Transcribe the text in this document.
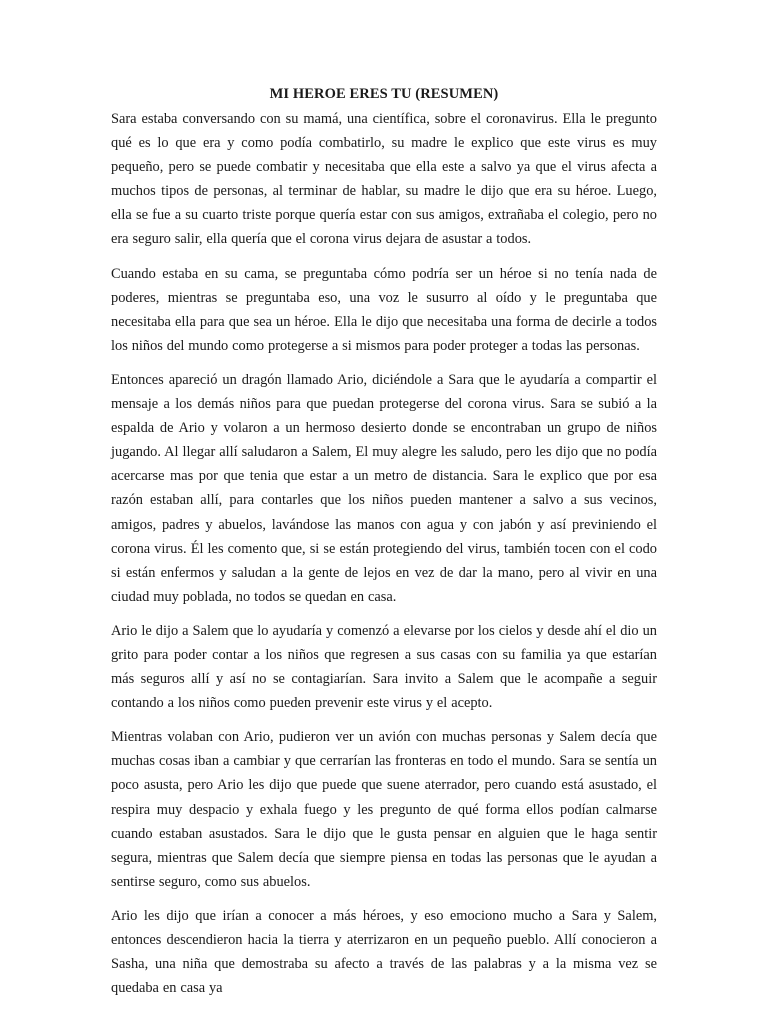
MI HEROE ERES TU (RESUMEN)

Sara estaba conversando con su mamá, una científica, sobre el coronavirus. Ella le pregunto qué es lo que era y como podía combatirlo, su madre le explico que este virus es muy pequeño, pero se puede combatir y necesitaba que ella este a salvo ya que el virus afecta a muchos tipos de personas, al terminar de hablar, su madre le dijo que era su héroe. Luego, ella se fue a su cuarto triste porque quería estar con sus amigos, extrañaba el colegio, pero no era seguro salir, ella quería que el corona virus dejara de asustar a todos.

Cuando estaba en su cama, se preguntaba cómo podría ser un héroe si no tenía nada de poderes, mientras se preguntaba eso, una voz le susurro al oído y le preguntaba que necesitaba ella para que sea un héroe. Ella le dijo que necesitaba una forma de decirle a todos los niños del mundo como protegerse a si mismos para poder proteger a todas las personas.

Entonces apareció un dragón llamado Ario, diciéndole a Sara que le ayudaría a compartir el mensaje a los demás niños para que puedan protegerse del corona virus. Sara se subió a la espalda de Ario y volaron a un hermoso desierto donde se encontraban un grupo de niños jugando. Al llegar allí saludaron a Salem, El muy alegre les saludo, pero les dijo que no podía acercarse mas por que tenia que estar a un metro de distancia. Sara le explico que por esa razón estaban allí, para contarles que los niños pueden mantener a salvo a sus vecinos, amigos, padres y abuelos, lavándose las manos con agua y con jabón y así previniendo el corona virus. Él les comento que, si se están protegiendo del virus, también tocen con el codo si están enfermos y saludan a la gente de lejos en vez de dar la mano, pero al vivir en una ciudad muy poblada, no todos se quedan en casa.

Ario le dijo a Salem que lo ayudaría y comenzó a elevarse por los cielos y desde ahí el dio un grito para poder contar a los niños que regresen a sus casas con su familia ya que estarían más seguros allí y así no se contagiarían. Sara invito a Salem que le acompañe a seguir contando a los niños como pueden prevenir este virus y el acepto.

Mientras volaban con Ario, pudieron ver un avión con muchas personas y Salem decía que muchas cosas iban a cambiar y que cerrarían las fronteras en todo el mundo. Sara se sentía un poco asusta, pero Ario les dijo que puede que suene aterrador, pero cuando está asustado, el respira muy despacio y exhala fuego y les pregunto de qué forma ellos podían calmarse cuando estaban asustados. Sara le dijo que le gusta pensar en alguien que le haga sentir segura, mientras que Salem decía que siempre piensa en todas las personas que le ayudan a sentirse seguro, como sus abuelos.

Ario les dijo que irían a conocer a más héroes, y eso emociono mucho a Sara y Salem, entonces descendieron hacia la tierra y aterrizaron en un pequeño pueblo. Allí conocieron a Sasha, una niña que demostraba su afecto a través de las palabras y a la misma vez se quedaba en casa ya
